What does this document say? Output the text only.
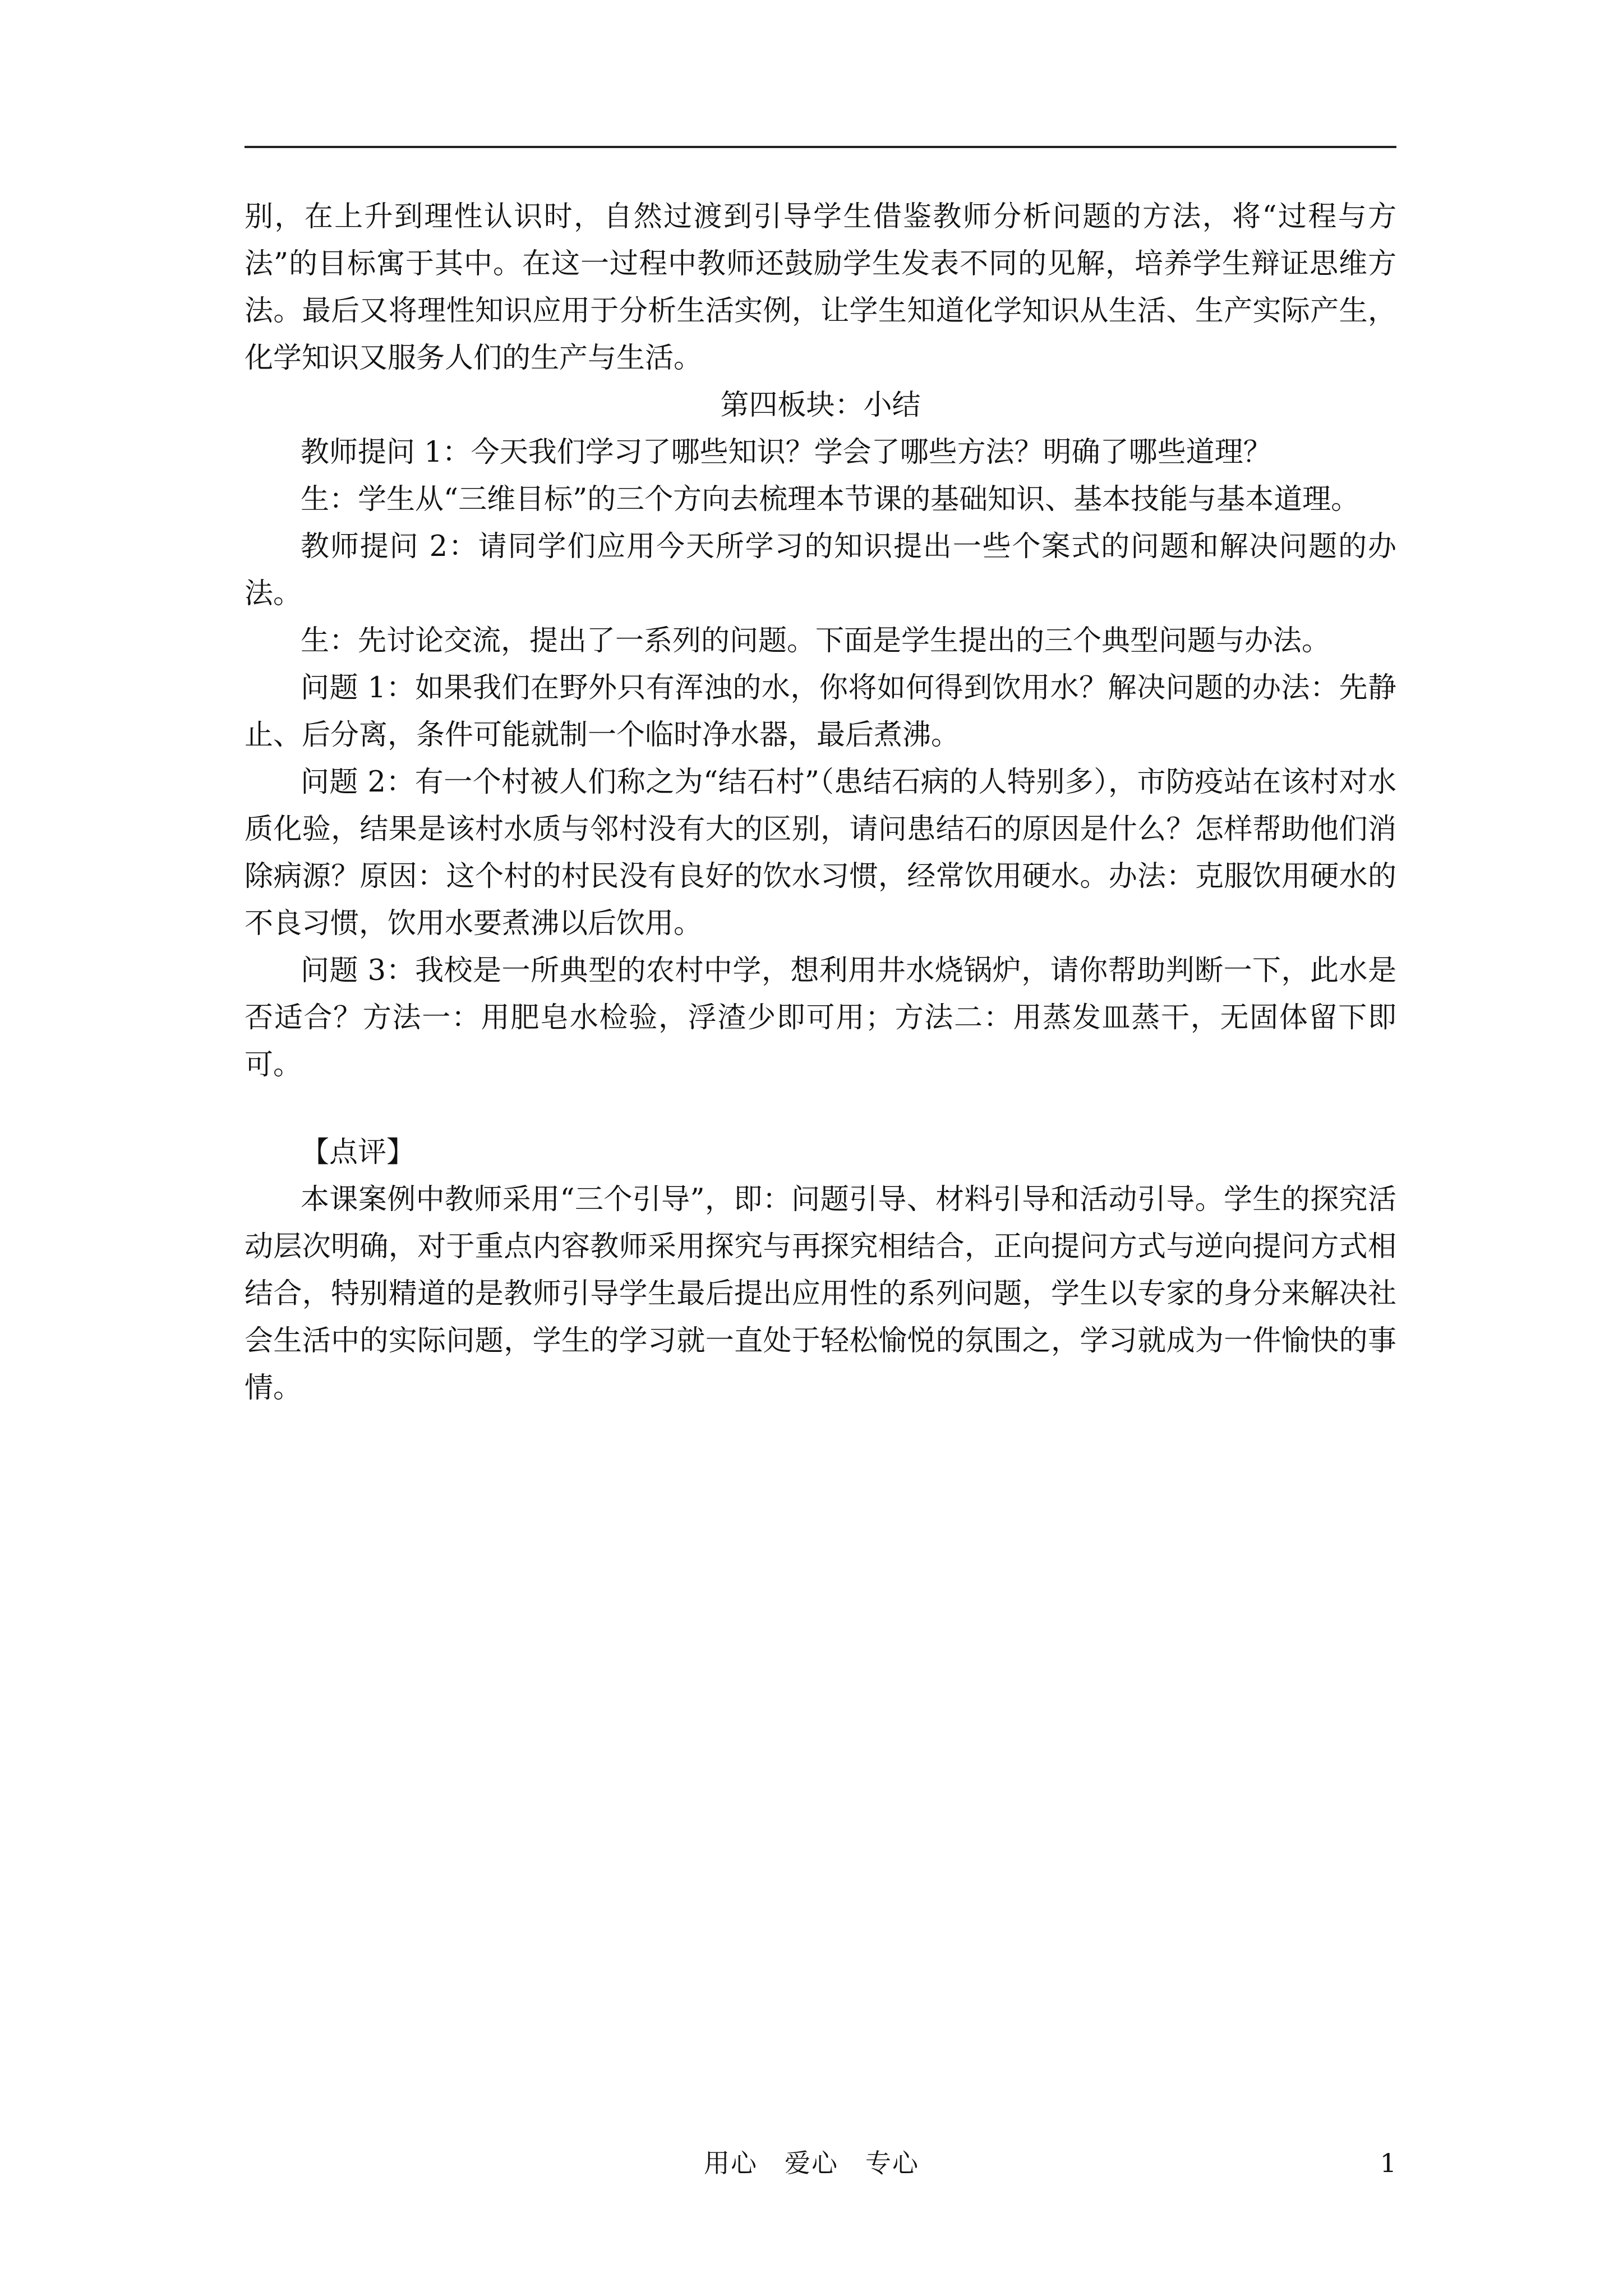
别，在上升到理性认识时，自然过渡到引导学生借鉴教师分析问题的方法，将“过程与方法”的目标寓于其中。在这一过程中教师还鼓励学生发表不同的见解，培养学生辩证思维方法。最后又将理性知识应用于分析生活实例，让学生知道化学知识从生活、生产实际产生，化学知识又服务人们的生产与生活。

第四板块：小结

教师提问 1：今天我们学习了哪些知识？学会了哪些方法？明确了哪些道理？

生：学生从“三维目标”的三个方向去梳理本节课的基础知识、基本技能与基本道理。

教师提问 2：请同学们应用今天所学习的知识提出一些个案式的问题和解决问题的办法。

生：先讨论交流，提出了一系列的问题。下面是学生提出的三个典型问题与办法。

问题 1：如果我们在野外只有浑浊的水，你将如何得到饮用水？解决问题的办法：先静止、后分离，条件可能就制一个临时净水器，最后煮沸。

问题 2：有一个村被人们称之为“结石村”（患结石病的人特别多），市防疫站在该村对水质化验，结果是该村水质与邻村没有大的区别，请问患结石的原因是什么？怎样帮助他们消除病源？原因：这个村的村民没有良好的饮水习惯，经常饮用硬水。办法：克服饮用硬水的不良习惯，饮用水要煮沸以后饮用。

问题 3：我校是一所典型的农村中学，想利用井水烧锅炉，请你帮助判断一下，此水是否适合？方法一：用肥皂水检验，浮渣少即可用；方法二：用蒸发皿蒸干，无固体留下即可。

【点评】

本课案例中教师采用“三个引导”，即：问题引导、材料引导和活动引导。学生的探究活动层次明确，对于重点内容教师采用探究与再探究相结合，正向提问方式与逆向提问方式相结合，特别精道的是教师引导学生最后提出应用性的系列问题，学生以专家的身分来解决社会生活中的实际问题，学生的学习就一直处于轻松愉悦的氛围之，学习就成为一件愉快的事情。

用心　爱心　专心	1
